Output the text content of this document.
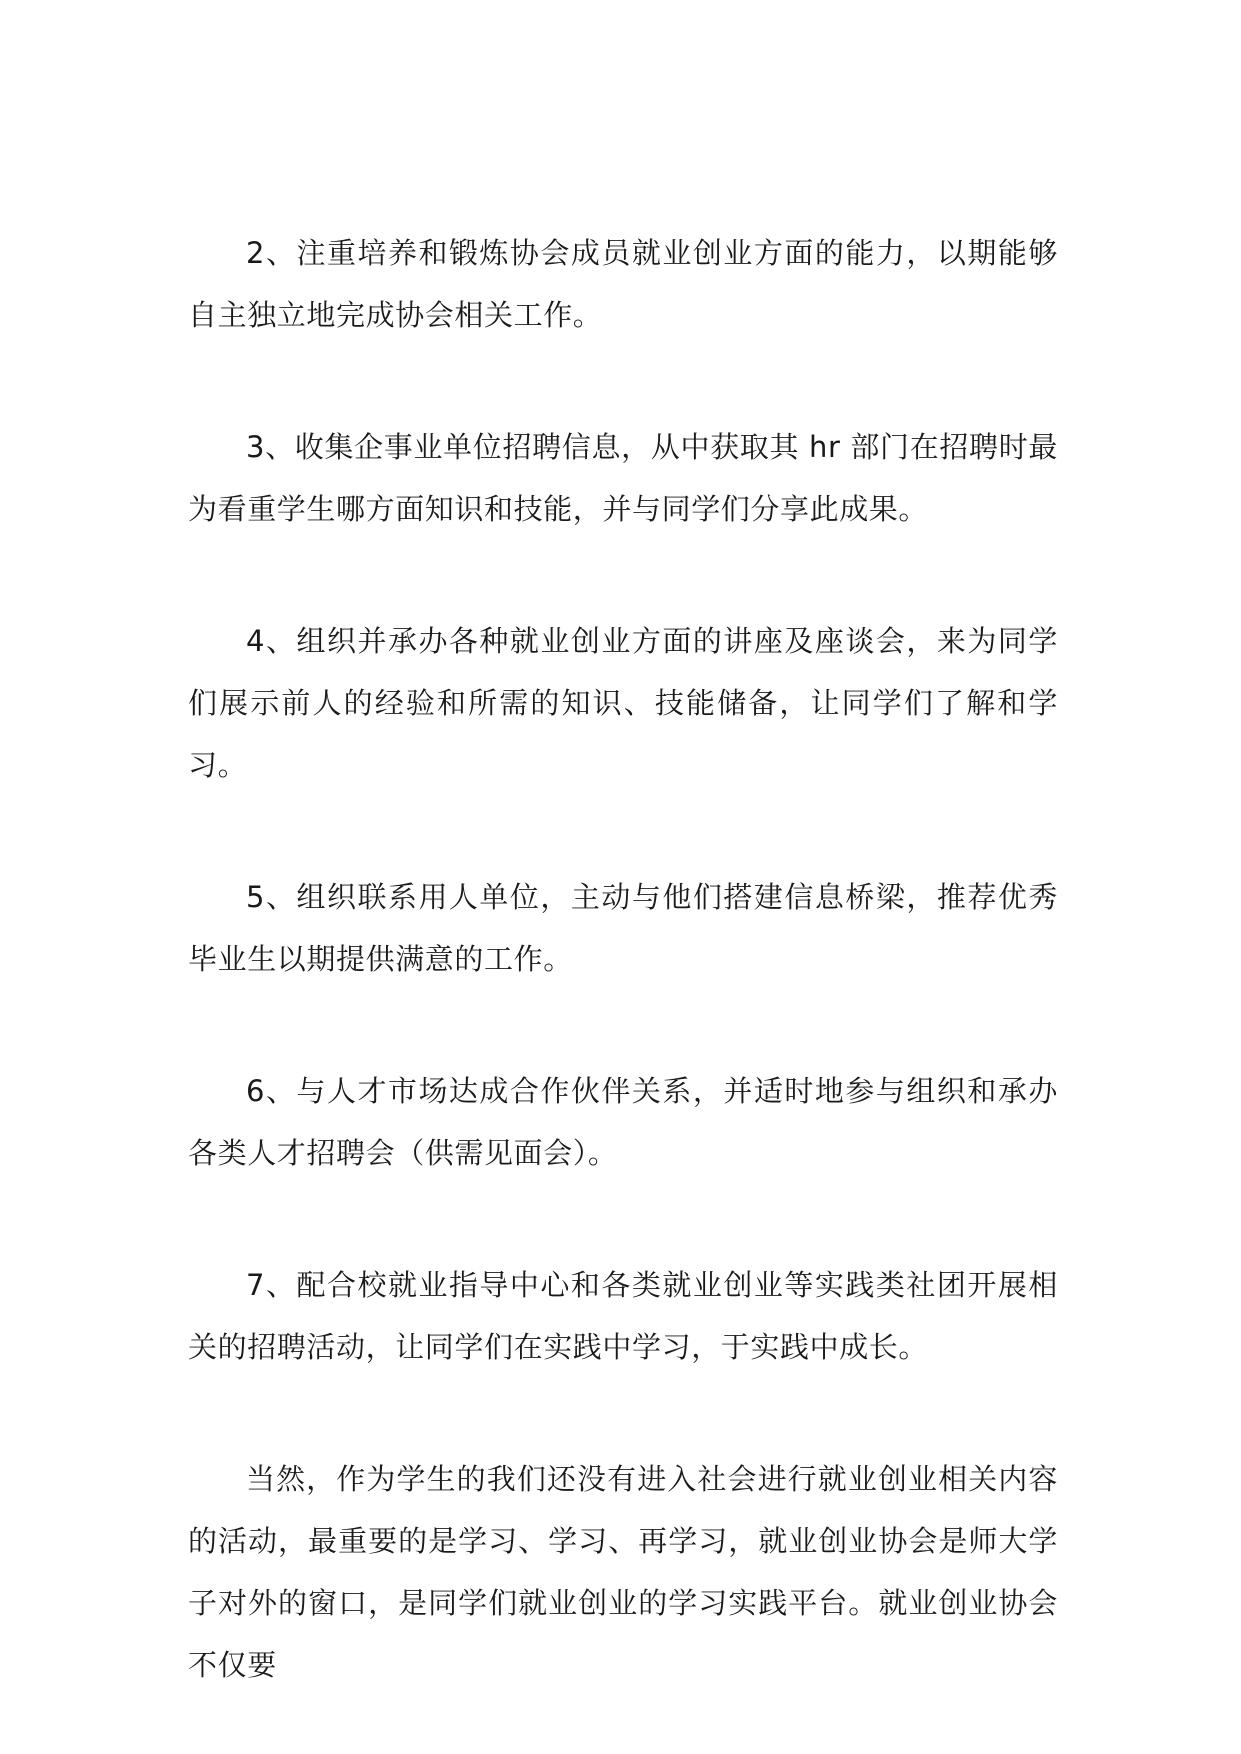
2、注重培养和锻炼协会成员就业创业方面的能力，以期能够自主独立地完成协会相关工作。

3、收集企事业单位招聘信息，从中获取其 hr 部门在招聘时最为看重学生哪方面知识和技能，并与同学们分享此成果。

4、组织并承办各种就业创业方面的讲座及座谈会，来为同学们展示前人的经验和所需的知识、技能储备，让同学们了解和学习。

5、组织联系用人单位，主动与他们搭建信息桥梁，推荐优秀毕业生以期提供满意的工作。

6、与人才市场达成合作伙伴关系，并适时地参与组织和承办各类人才招聘会（供需见面会）。

7、配合校就业指导中心和各类就业创业等实践类社团开展相关的招聘活动，让同学们在实践中学习，于实践中成长。

当然，作为学生的我们还没有进入社会进行就业创业相关内容的活动，最重要的是学习、学习、再学习，就业创业协会是师大学子对外的窗口，是同学们就业创业的学习实践平台。就业创业协会不仅要
